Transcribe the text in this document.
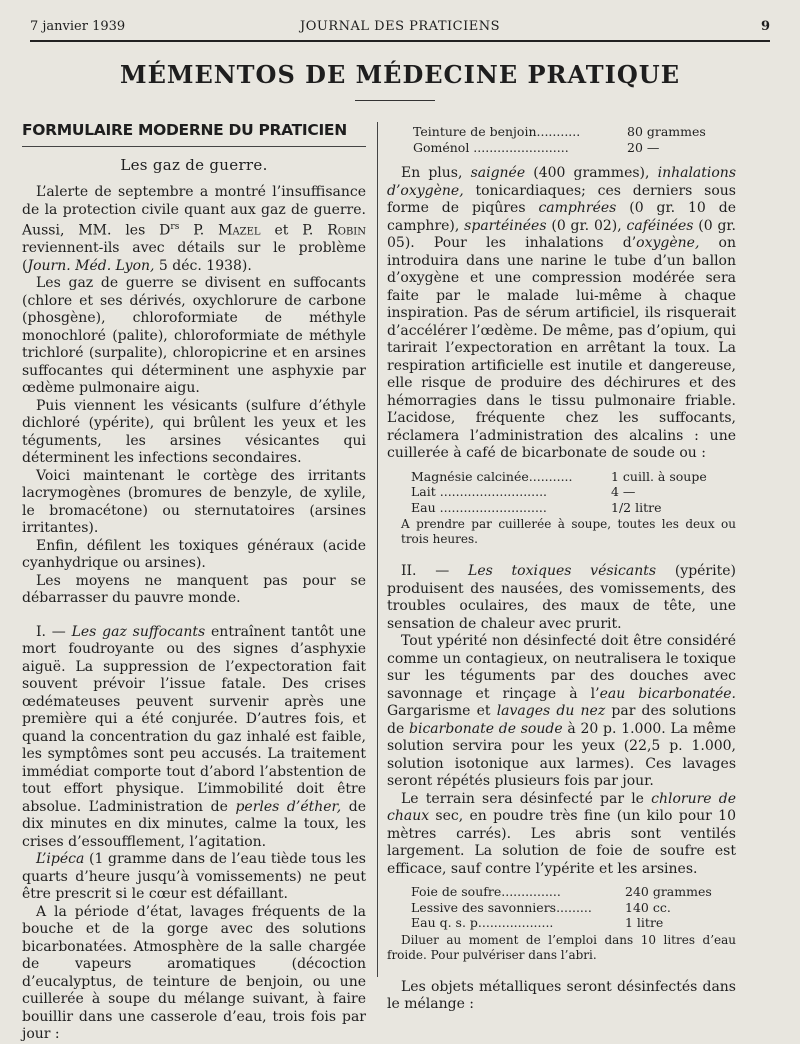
7 janvier 1939	JOURNAL DES PRATICIENS	9
MÉMENTOS DE MÉDECINE PRATIQUE
FORMULAIRE MODERNE DU PRATICIEN
Les gaz de guerre.

L’alerte de septembre a montré l’insuffisance de la protection civile quant aux gaz de guerre. Aussi, MM. les $D^{rs}$ P. Mazel et P. Robin reviennent-ils avec détails sur le problème (Journ. Méd. Lyon, 5 déc. 1938).

Les gaz de guerre se divisent en suffocants (chlore et ses dérivés, oxychlorure de carbone (phosgène), chloroformiate de méthyle monochloré (palite), chloroformiate de méthyle trichloré (surpalite), chloropicrine et en arsines suffocantes qui déterminent une asphyxie par œdème pulmonaire aigu.

Puis viennent les vésicants (sulfure d’éthyle dichloré (ypérite), qui brûlent les yeux et les téguments, les arsines vésicantes qui déterminent les infections secondaires.

Voici maintenant le cortège des irritants lacrymogènes (bromures de benzyle, de xylile, le bromacétone) ou sternutatoires (arsines irritantes).

Enfin, défilent les toxiques généraux (acide cyanhydrique ou arsines).

Les moyens ne manquent pas pour se débarrasser du pauvre monde.

I. — Les gaz suffocants entraînent tantôt une mort foudroyante ou des signes d’asphyxie aiguë. La suppression de l’expectoration fait souvent prévoir l’issue fatale. Des crises œdémateuses peuvent survenir après une première qui a été conjurée. D’autres fois, et quand la concentration du gaz inhalé est faible, les symptômes sont peu accusés. La traitement immédiat comporte tout d’abord l’abstention de tout effort physique. L’immobilité doit être absolue. L’administration de perles d’éther, de dix minutes en dix minutes, calme la toux, les crises d’essoufflement, l’agitation.

L’ipéca (1 gramme dans de l’eau tiède tous les quarts d’heure jusqu’à vomissements) ne peut être prescrit si le cœur est défaillant.

A la période d’état, lavages fréquents de la bouche et de la gorge avec des solutions bicarbonatées. Atmosphère de la salle chargée de vapeurs aromatiques (décoction d’eucalyptus, de teinture de benjoin, ou une cuillerée à soupe du mélange suivant, à faire bouillir dans une casserole d’eau, trois fois par jour :

Teinture de benjoin...........	80 grammes
Goménol ........................	20 —

En plus, saignée (400 grammes), inhalations d’oxygène, tonicardiaques; ces derniers sous forme de piqûres camphrées (0 gr. 10 de camphre), spartéinées (0 gr. 02), caféinées (0 gr. 05). Pour les inhalations d’oxygène, on introduira dans une narine le tube d’un ballon d’oxygène et une compression modérée sera faite par le malade lui-même à chaque inspiration. Pas de sérum artificiel, ils risquerait d’accélérer l’œdème. De même, pas d’opium, qui tarirait l’expectoration en arrêtant la toux. La respiration artificielle est inutile et dangereuse, elle risque de produire des déchirures et des hémorragies dans le tissu pulmonaire friable. L’acidose, fréquente chez les suffocants, réclamera l’administration des alcalins : une cuillerée à café de bicarbonate de soude ou :

Magnésie calcinée...........	1 cuill. à soupe
Lait ...........................	4 —
Eau ...........................	1/2 litre

A prendre par cuillerée à soupe, toutes les deux ou trois heures.

II. — Les toxiques vésicants (ypérite) produisent des nausées, des vomissements, des troubles oculaires, des maux de tête, une sensation de chaleur avec prurit.

Tout ypérité non désinfecté doit être considéré comme un contagieux, on neutralisera le toxique sur les téguments par des douches avec savonnage et rinçage à l’eau bicarbonatée. Gargarisme et lavages du nez par des solutions de bicarbonate de soude à 20 p. 1.000. La même solution servira pour les yeux (22,5 p. 1.000, solution isotonique aux larmes). Ces lavages seront répétés plusieurs fois par jour.

Le terrain sera désinfecté par le chlorure de chaux sec, en poudre très fine (un kilo pour 10 mètres carrés). Les abris sont ventilés largement. La solution de foie de soufre est efficace, sauf contre l’ypérite et les arsines.

Foie de soufre...............	240 grammes
Lessive des savonniers.........	140 cc.
Eau q. s. p...................	1 litre

Diluer au moment de l’emploi dans 10 litres d’eau froide. Pour pulvériser dans l’abri.

Les objets métalliques seront désinfectés dans le mélange :
